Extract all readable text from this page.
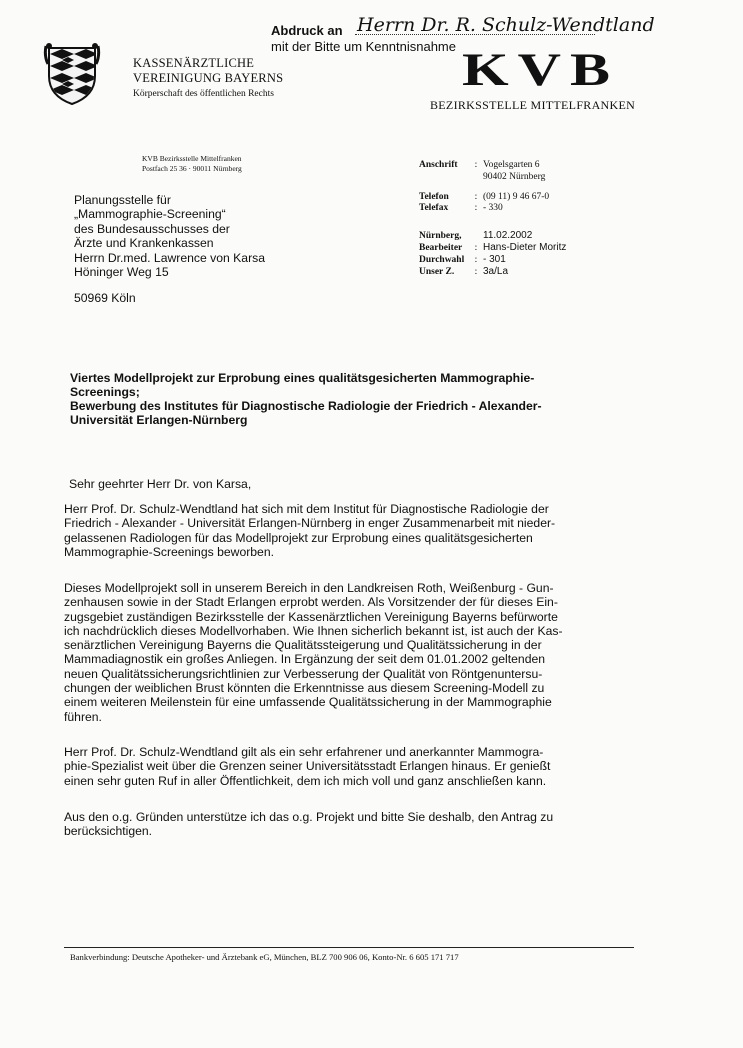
Abdruck an Herrn Dr. R. Schulz-Wendtland
mit der Bitte um Kenntnisnahme
KASSENÄRZTLICHE
VEREINIGUNG BAYERNS
Körperschaft des öffentlichen Rechts	KVB
BEZIRKSSTELLE MITTELFRANKEN
KVB Bezirksstelle Mittelfranken
Postfach 25 36 · 90011 Nürnberg
Planungsstelle für
„Mammographie-Screening“
des Bundesausschusses der
Ärzte und Krankenkassen
Herrn Dr.med. Lawrence von Karsa
Höninger Weg 15
50969 Köln
Anschrift : Vogelsgarten 6
90402 Nürnberg
Telefon	: (09 11) 9 46 67-0
Telefax	: - 330
Nürnberg, 11.02.2002
Bearbeiter : Hans-Dieter Moritz
Durchwahl : - 301
Unser Z. : 3a/La
Viertes Modellprojekt zur Erprobung eines qualitätsgesicherten Mammographie-
Screenings;
Bewerbung des Institutes für Diagnostische Radiologie der Friedrich - Alexander-
Universität Erlangen-Nürnberg
Sehr geehrter Herr Dr. von Karsa,
Herr Prof. Dr. Schulz-Wendtland hat sich mit dem Institut für Diagnostische Radiologie der
Friedrich - Alexander - Universität Erlangen-Nürnberg in enger Zusammenarbeit mit nieder-
gelassenen Radiologen für das Modellprojekt zur Erprobung eines qualitätsgesicherten
Mammographie-Screenings beworben.
Dieses Modellprojekt soll in unserem Bereich in den Landkreisen Roth, Weißenburg - Gun-
zenhausen sowie in der Stadt Erlangen erprobt werden. Als Vorsitzender der für dieses Ein-
zugsgebiet zuständigen Bezirksstelle der Kassenärztlichen Vereinigung Bayerns befürworte
ich nachdrücklich dieses Modellvorhaben. Wie Ihnen sicherlich bekannt ist, ist auch der Kas-
senärztlichen Vereinigung Bayerns die Qualitätssteigerung und Qualitätssicherung in der
Mammadiagnostik ein großes Anliegen. In Ergänzung der seit dem 01.01.2002 geltenden
neuen Qualitätssicherungsrichtlinien zur Verbesserung der Qualität von Röntgenuntersu-
chungen der weiblichen Brust könnten die Erkenntnisse aus diesem Screening-Modell zu
einem weiteren Meilenstein für eine umfassende Qualitätssicherung in der Mammographie
führen.
Herr Prof. Dr. Schulz-Wendtland gilt als ein sehr erfahrener und anerkannter Mammogra-
phie-Spezialist weit über die Grenzen seiner Universitätsstadt Erlangen hinaus. Er genießt
einen sehr guten Ruf in aller Öffentlichkeit, dem ich mich voll und ganz anschließen kann.
Aus den o.g. Gründen unterstütze ich das o.g. Projekt und bitte Sie deshalb, den Antrag zu
berücksichtigen.
Bankverbindung: Deutsche Apotheker- und Ärztebank eG, München, BLZ 700 906 06, Konto-Nr. 6 605 171 717
